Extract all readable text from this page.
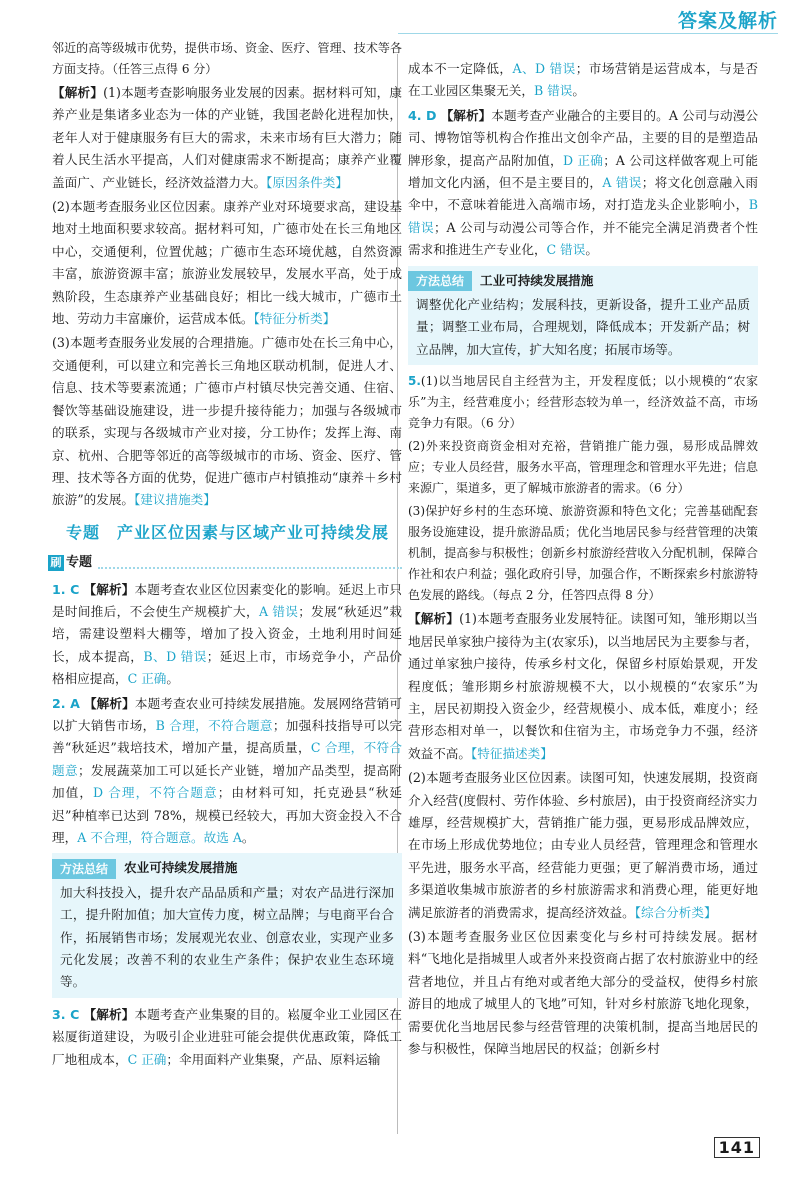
答案及解析

邻近的高等级城市优势，提供市场、资金、医疗、管理、技术等各方面支持。（任答三点得 6 分）

【解析】(1)本题考查影响服务业发展的因素。据材料可知，康养产业是集诸多业态为一体的产业链，我国老龄化进程加快，老年人对于健康服务有巨大的需求，未来市场有巨大潜力；随着人民生活水平提高，人们对健康需求不断提高；康养产业覆盖面广、产业链长，经济效益潜力大。【原因条件类】

(2)本题考查服务业区位因素。康养产业对环境要求高，建设基地对土地面积要求较高。据材料可知，广德市处在长三角地区中心，交通便利，位置优越；广德市生态环境优越，自然资源丰富，旅游资源丰富；旅游业发展较早，发展水平高，处于成熟阶段，生态康养产业基础良好；相比一线大城市，广德市土地、劳动力丰富廉价，运营成本低。【特征分析类】

(3)本题考查服务业发展的合理措施。广德市处在长三角中心，交通便利，可以建立和完善长三角地区联动机制，促进人才、信息、技术等要素流通；广德市卢村镇尽快完善交通、住宿、餐饮等基础设施建设，进一步提升接待能力；加强与各级城市的联系，实现与各级城市产业对接，分工协作；发挥上海、南京、杭州、合肥等邻近的高等级城市的市场、资金、医疗、管理、技术等各方面的优势，促进广德市卢村镇推动“康养＋乡村旅游”的发展。【建议措施类】

专题　产业区位因素与区域产业可持续发展
刷 专题

1. C 【解析】本题考查农业区位因素变化的影响。延迟上市只是时间推后，不会使生产规模扩大，A 错误；发展“秋延迟”栽培，需建设塑料大棚等，增加了投入资金，土地利用时间延长，成本提高，B、D 错误；延迟上市，市场竞争小，产品价格相应提高，C 正确。

2. A 【解析】本题考查农业可持续发展措施。发展网络营销可以扩大销售市场，B 合理，不符合题意；加强科技指导可以完善“秋延迟”栽培技术，增加产量，提高质量，C 合理，不符合题意；发展蔬菜加工可以延长产业链，增加产品类型，提高附加值，D 合理，不符合题意；由材料可知，托克逊县“秋延迟”种植率已达到 78%，规模已经较大，再加大资金投入不合理，A 不合理，符合题意。故选 A。

方法总结	农业可持续发展措施

加大科技投入，提升农产品品质和产量；对农产品进行深加工，提升附加值；加大宣传力度，树立品牌；与电商平台合作，拓展销售市场；发展观光农业、创意农业，实现产业多元化发展；改善不利的农业生产条件；保护农业生态环境等。

3. C 【解析】本题考查产业集聚的目的。崧厦伞业工业园区在崧厦街道建设，为吸引企业进驻可能会提供优惠政策，降低工厂地租成本，C 正确；伞用面料产业集聚，产品、原料运输

成本不一定降低，A、D 错误；市场营销是运营成本，与是否在工业园区集聚无关，B 错误。

4. D 【解析】本题考查产业融合的主要目的。A 公司与动漫公司、博物馆等机构合作推出文创伞产品，主要的目的是塑造品牌形象，提高产品附加值，D 正确；A 公司这样做客观上可能增加文化内涵，但不是主要目的，A 错误；将文化创意融入雨伞中，不意味着能进入高端市场，对打造龙头企业影响小，B 错误；A 公司与动漫公司等合作，并不能完全满足消费者个性需求和推进生产专业化，C 错误。

方法总结	工业可持续发展措施

调整优化产业结构；发展科技，更新设备，提升工业产品质量；调整工业布局，合理规划，降低成本；开发新产品；树立品牌，加大宣传，扩大知名度；拓展市场等。

5.(1)以当地居民自主经营为主，开发程度低；以小规模的“农家乐”为主，经营难度小；经营形态较为单一，经济效益不高，市场竞争力有限。（6 分）

(2)外来投资商资金相对充裕，营销推广能力强，易形成品牌效应；专业人员经营，服务水平高，管理理念和管理水平先进；信息来源广，渠道多，更了解城市旅游者的需求。（6 分）

(3)保护好乡村的生态环境、旅游资源和特色文化；完善基础配套服务设施建设，提升旅游品质；优化当地居民参与经营管理的决策机制，提高参与积极性；创新乡村旅游经营收入分配机制，保障合作社和农户利益；强化政府引导，加强合作，不断探索乡村旅游特色发展的路线。（每点 2 分，任答四点得 8 分）

【解析】(1)本题考查服务业发展特征。读图可知，雏形期以当地居民单家独户接待为主(农家乐)，以当地居民为主要参与者，通过单家独户接待，传承乡村文化，保留乡村原始景观，开发程度低；雏形期乡村旅游规模不大，以小规模的“农家乐”为主，居民初期投入资金少，经营规模小、成本低，难度小；经营形态相对单一，以餐饮和住宿为主，市场竞争力不强，经济效益不高。【特征描述类】

(2)本题考查服务业区位因素。读图可知，快速发展期，投资商介入经营(度假村、劳作体验、乡村旅居)，由于投资商经济实力雄厚，经营规模扩大，营销推广能力强，更易形成品牌效应，在市场上形成优势地位；由专业人员经营，管理理念和管理水平先进，服务水平高，经营能力更强；更了解消费市场，通过多渠道收集城市旅游者的乡村旅游需求和消费心理，能更好地满足旅游者的消费需求，提高经济效益。【综合分析类】

(3)本题考查服务业区位因素变化与乡村可持续发展。据材料“飞地化是指城里人或者外来投资商占据了农村旅游业中的经营者地位，并且占有绝对或者绝大部分的受益权，使得乡村旅游目的地成了城里人的飞地”可知，针对乡村旅游飞地化现象，需要优化当地居民参与经营管理的决策机制，提高当地居民的参与积极性，保障当地居民的权益；创新乡村

141
